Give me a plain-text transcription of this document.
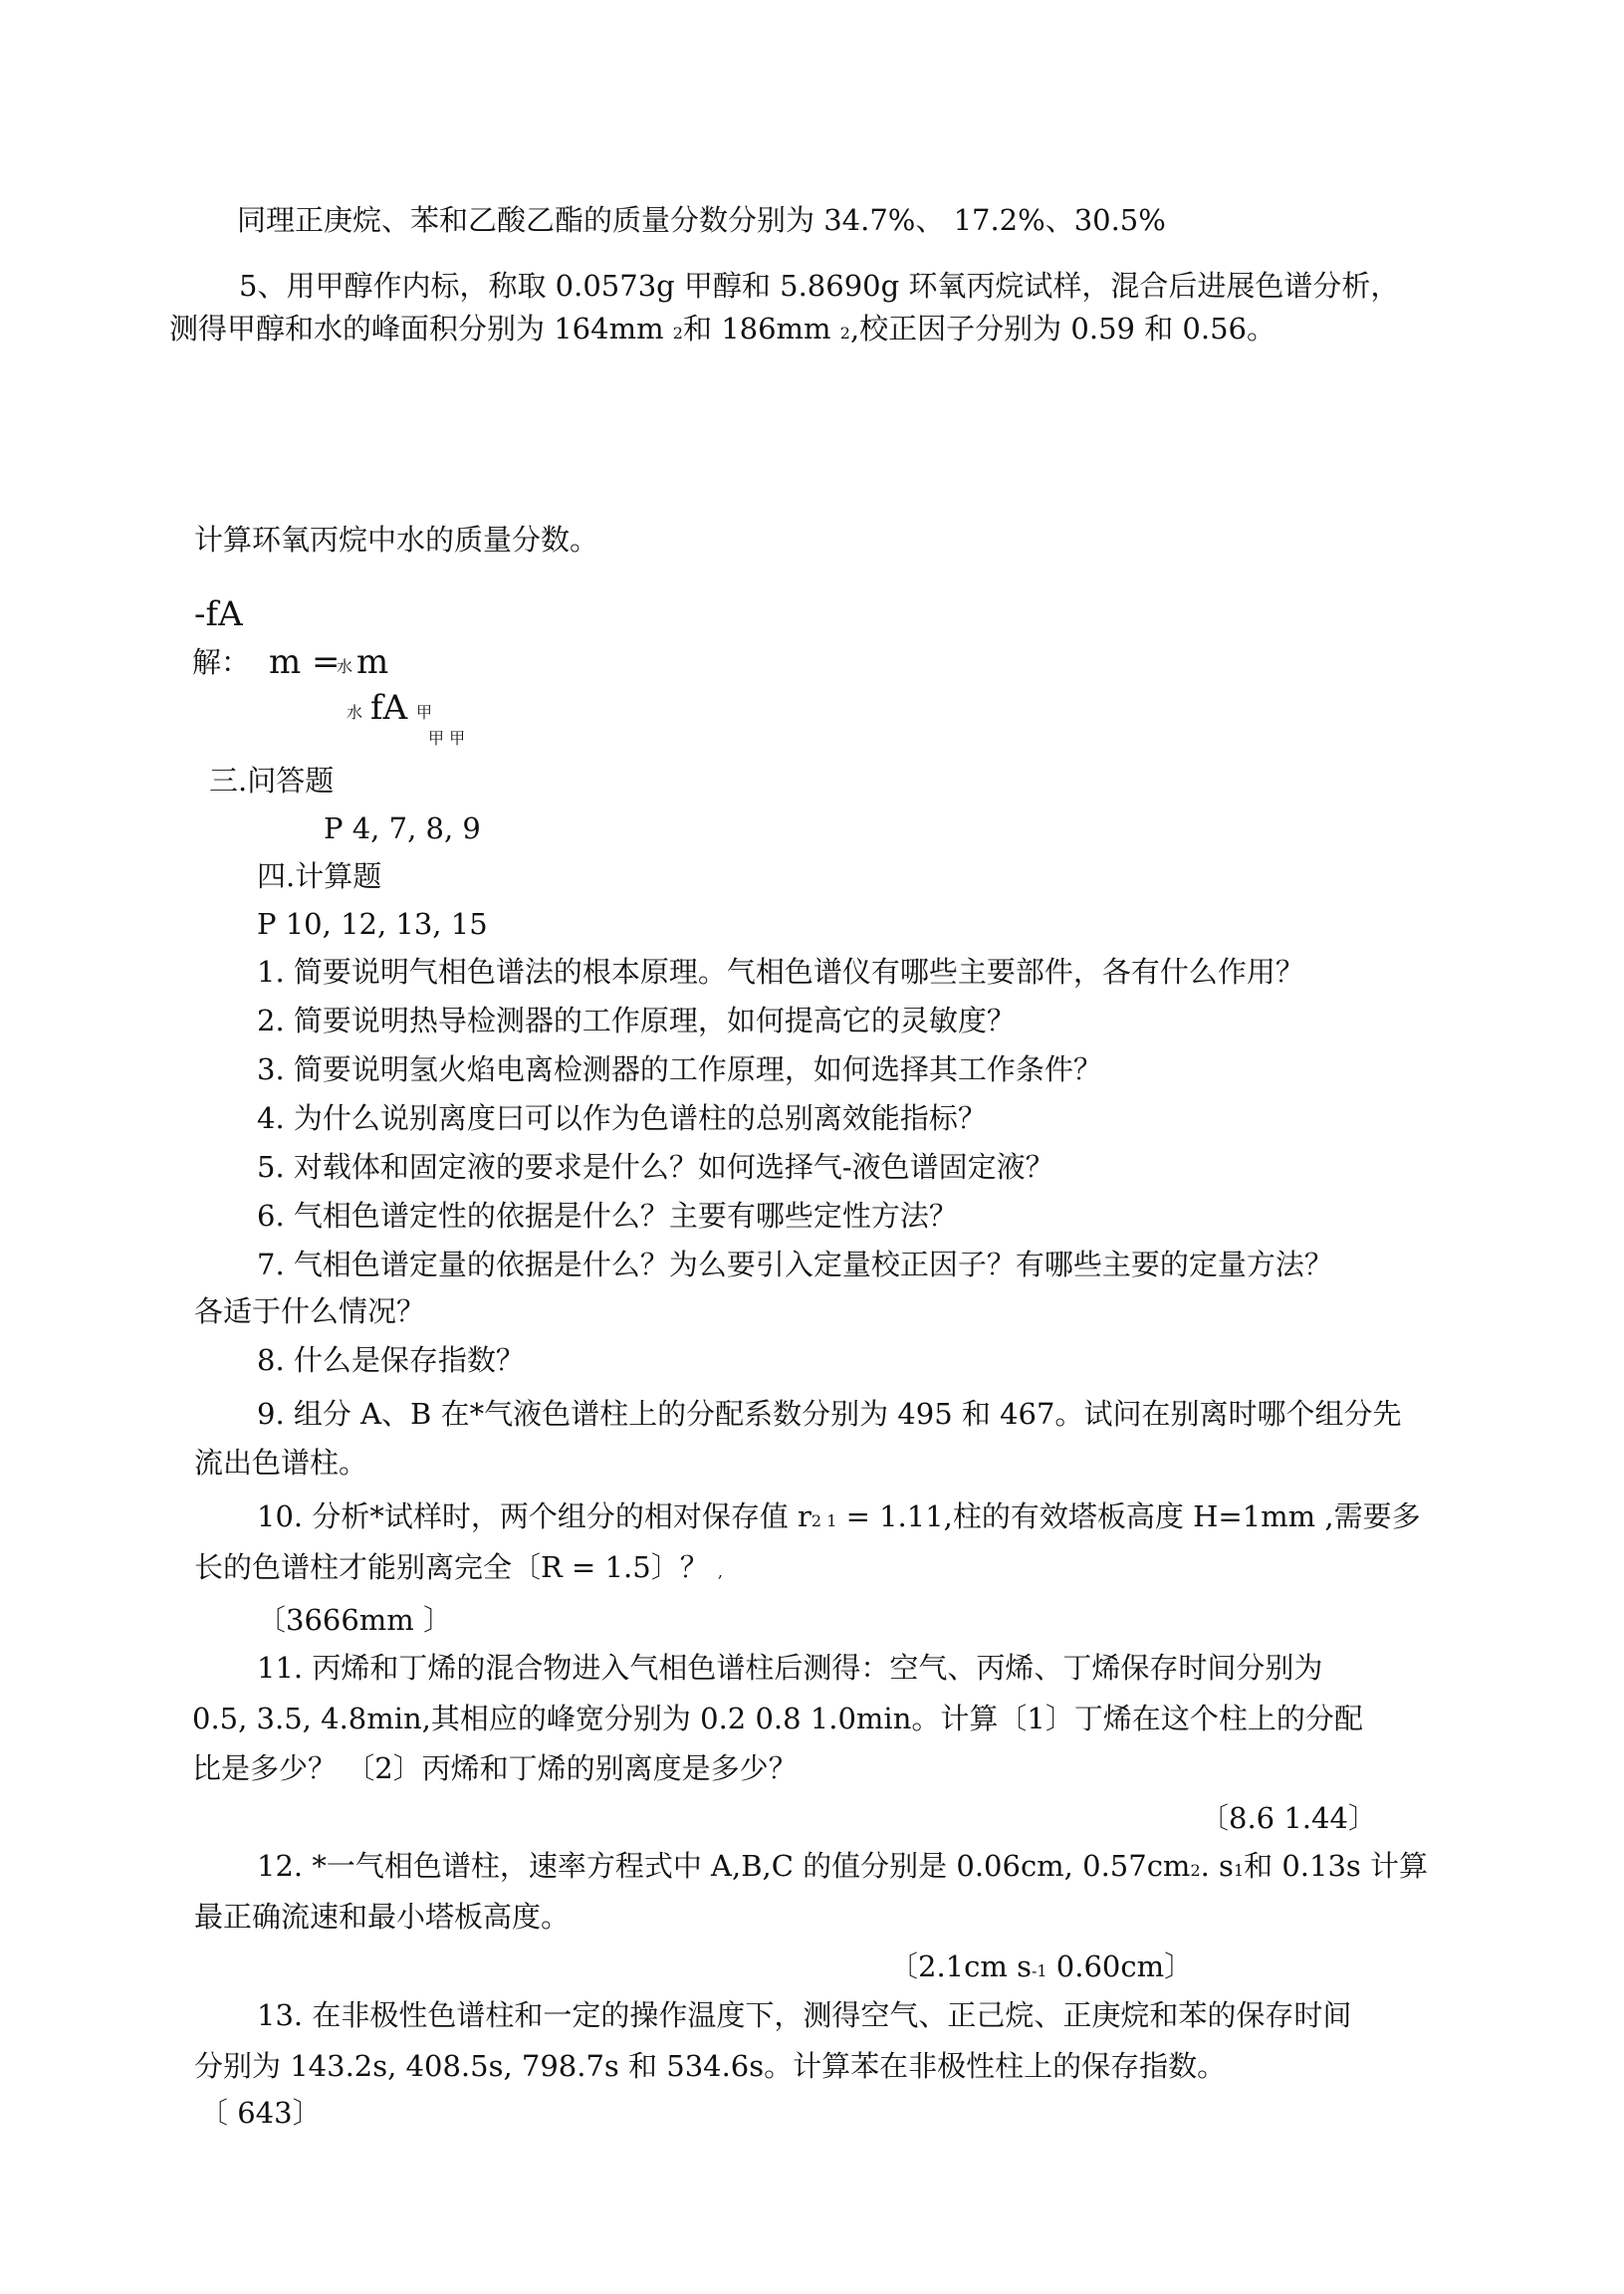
同理正庚烷、苯和乙酸乙酯的质量分数分别为 34.7%、 17.2%、30.5%
5、用甲醇作内标，称取 0.0573g 甲醇和 5.8690g 环氧丙烷试样，混合后进展色谱分析，
测得甲醇和水的峰面积分别为 164mm 2和 186mm 2,校正因子分别为 0.59 和 0.56。
计算环氧丙烷中水的质量分数。
-fA
解： m =
水 m
水 fA 甲
甲 甲
三.问答题
P 4, 7, 8, 9
四.计算题
P 10, 12, 13, 15
1. 简要说明气相色谱法的根本原理。气相色谱仪有哪些主要部件，各有什么作用？
2. 简要说明热导检测器的工作原理，如何提高它的灵敏度？
3. 简要说明氢火焰电离检测器的工作原理，如何选择其工作条件？
4. 为什么说别离度曰可以作为色谱柱的总别离效能指标？
5. 对载体和固定液的要求是什么？如何选择气-液色谱固定液？
6. 气相色谱定性的依据是什么？主要有哪些定性方法？
7. 气相色谱定量的依据是什么？为么要引入定量校正因子？有哪些主要的定量方法？
各适于什么情况？
8. 什么是保存指数？
9. 组分 A、B 在*气液色谱柱上的分配系数分别为 495 和 467。试问在别离时哪个组分先
流出色谱柱。
10. 分析*试样时，两个组分的相对保存值 r2 1 = 1.11,柱的有效塔板高度 H=1mm ,需要多
长的色谱柱才能别离完全〔R = 1.5〕？ ,
〔3666mm 〕
11. 丙烯和丁烯的混合物进入气相色谱柱后测得：空气、丙烯、丁烯保存时间分别为
0.5, 3.5, 4.8min,其相应的峰宽分别为 0.2 0.8 1.0min。计算〔1〕丁烯在这个柱上的分配
比是多少？ 〔2〕丙烯和丁烯的别离度是多少？
〔8.6 1.44〕
12. *一气相色谱柱，速率方程式中 A,B,C 的值分别是 0.06cm, 0.57cm2. s1和 0.13s 计算
最正确流速和最小塔板高度。
〔2.1cm s-1 0.60cm〕
13. 在非极性色谱柱和一定的操作温度下，测得空气、正己烷、正庚烷和苯的保存时间
分别为 143.2s, 408.5s, 798.7s 和 534.6s。计算苯在非极性柱上的保存指数。
〔 643〕
